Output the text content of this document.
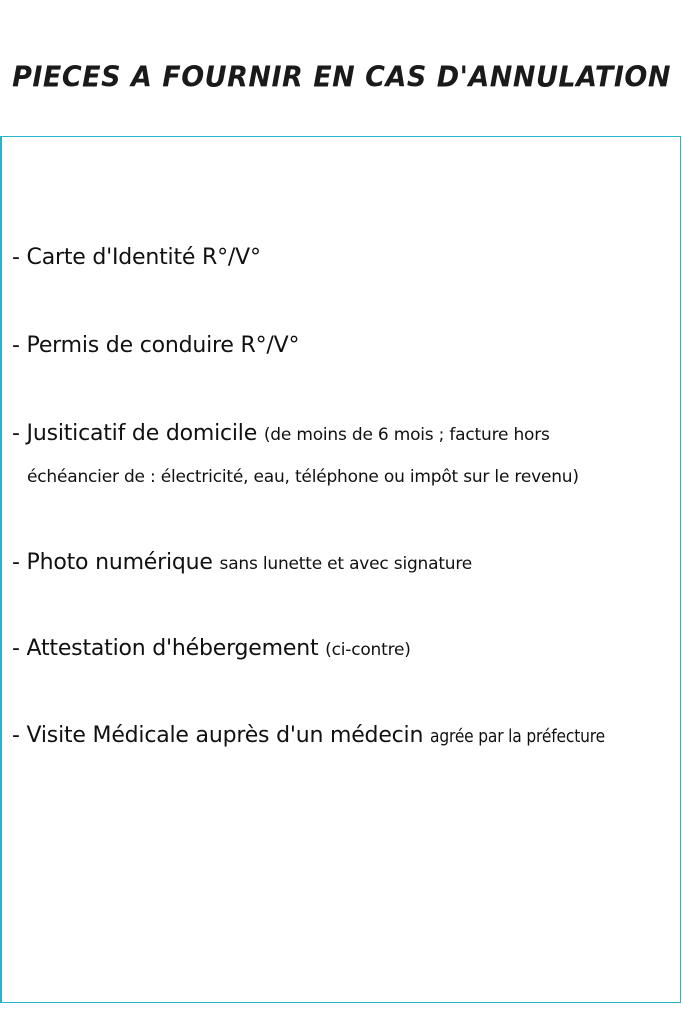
PIECES A FOURNIR EN CAS D'ANNULATION
- Carte d'Identité R°/V°
- Permis de conduire R°/V°
- Jusiticatif de domicile (de moins de 6 mois ; facture hors
échéancier de : électricité, eau, téléphone ou impôt sur le revenu)
- Photo numérique sans lunette et avec signature
- Attestation d'hébergement (ci-contre)
- Visite Médicale auprès d'un médecin agrée par la préfecture
